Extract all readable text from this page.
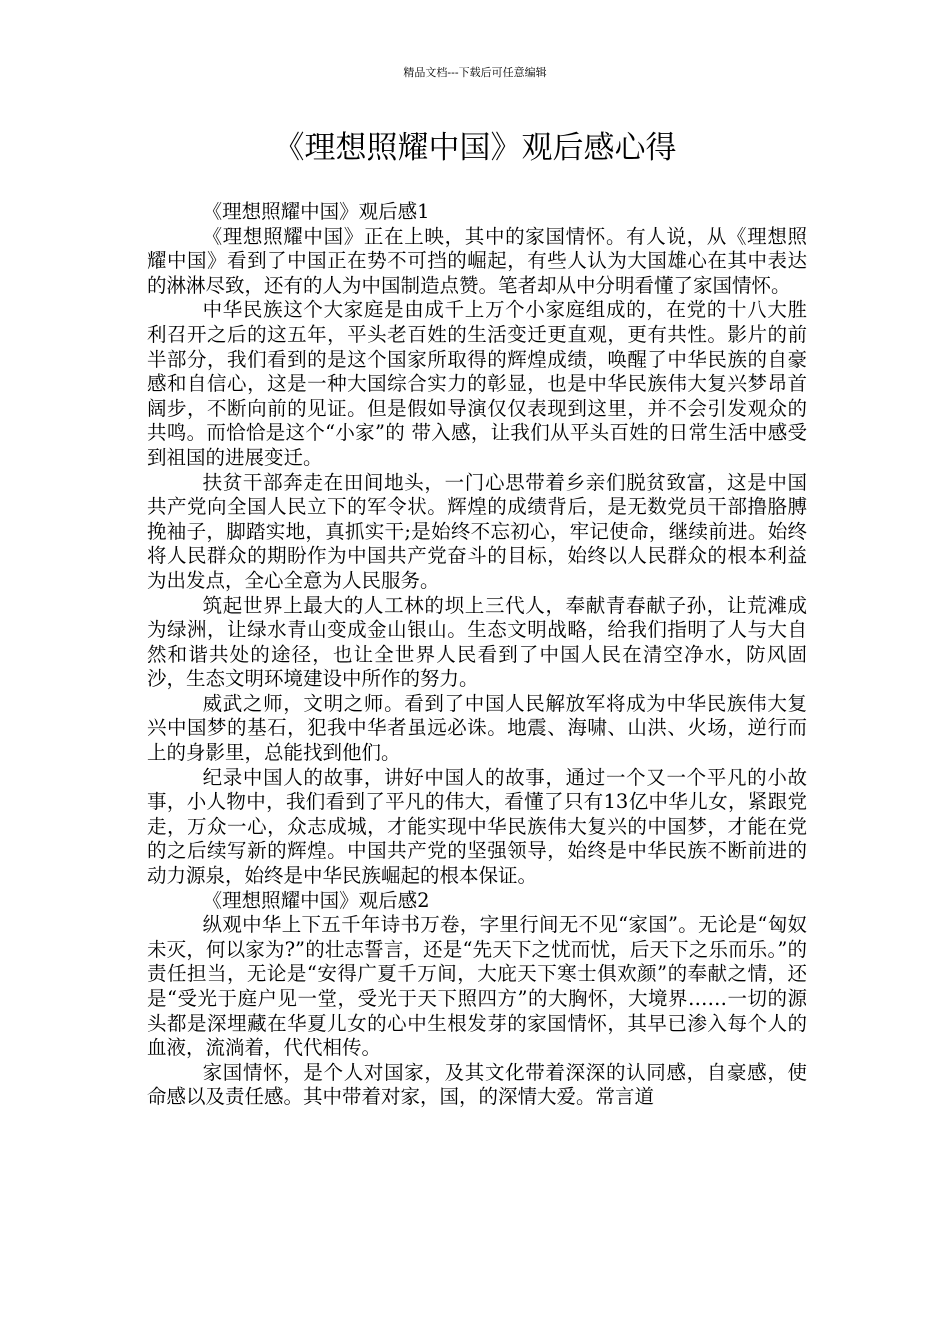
精品文档---下载后可任意编辑
《理想照耀中国》观后感心得
《理想照耀中国》观后感1

《理想照耀中国》正在上映，其中的家国情怀。有人说，从《理想照耀中国》看到了中国正在势不可挡的崛起，有些人认为大国雄心在其中表达的淋淋尽致，还有的人为中国制造点赞。笔者却从中分明看懂了家国情怀。

中华民族这个大家庭是由成千上万个小家庭组成的，在党的十八大胜利召开之后的这五年，平头老百姓的生活变迁更直观，更有共性。影片的前半部分，我们看到的是这个国家所取得的辉煌成绩，唤醒了中华民族的自豪感和自信心，这是一种大国综合实力的彰显，也是中华民族伟大复兴梦昂首阔步，不断向前的见证。但是假如导演仅仅表现到这里，并不会引发观众的共鸣。而恰恰是这个“小家”的 带入感，让我们从平头百姓的日常生活中感受到祖国的进展变迁。

扶贫干部奔走在田间地头，一门心思带着乡亲们脱贫致富，这是中国共产党向全国人民立下的军令状。辉煌的成绩背后，是无数党员干部撸胳膊挽袖子，脚踏实地，真抓实干;是始终不忘初心，牢记使命，继续前进。始终将人民群众的期盼作为中国共产党奋斗的目标，始终以人民群众的根本利益为出发点，全心全意为人民服务。

筑起世界上最大的人工林的坝上三代人，奉献青春献子孙，让荒滩成为绿洲，让绿水青山变成金山银山。生态文明战略，给我们指明了人与大自然和谐共处的途径，也让全世界人民看到了中国人民在清空净水，防风固沙，生态文明环境建设中所作的努力。

威武之师，文明之师。看到了中国人民解放军将成为中华民族伟大复兴中国梦的基石，犯我中华者虽远必诛。地震、海啸、山洪、火场，逆行而上的身影里，总能找到他们。

纪录中国人的故事，讲好中国人的故事，通过一个又一个平凡的小故事，小人物中，我们看到了平凡的伟大，看懂了只有13亿中华儿女，紧跟党走，万众一心，众志成城，才能实现中华民族伟大复兴的中国梦，才能在党的之后续写新的辉煌。中国共产党的坚强领导，始终是中华民族不断前进的动力源泉，始终是中华民族崛起的根本保证。

《理想照耀中国》观后感2

纵观中华上下五千年诗书万卷，字里行间无不见“家国”。无论是“匈奴未灭，何以家为?”的壮志誓言，还是“先天下之忧而忧，后天下之乐而乐。”的责任担当，无论是“安得广夏千万间，大庇天下寒士俱欢颜”的奉献之情，还是“受光于庭户见一堂，受光于天下照四方”的大胸怀，大境界……一切的源头都是深埋藏在华夏儿女的心中生根发芽的家国情怀，其早已渗入每个人的血液，流淌着，代代相传。

家国情怀，是个人对国家，及其文化带着深深的认同感，自豪感，使命感以及责任感。其中带着对家，国，的深情大爱。常言道
